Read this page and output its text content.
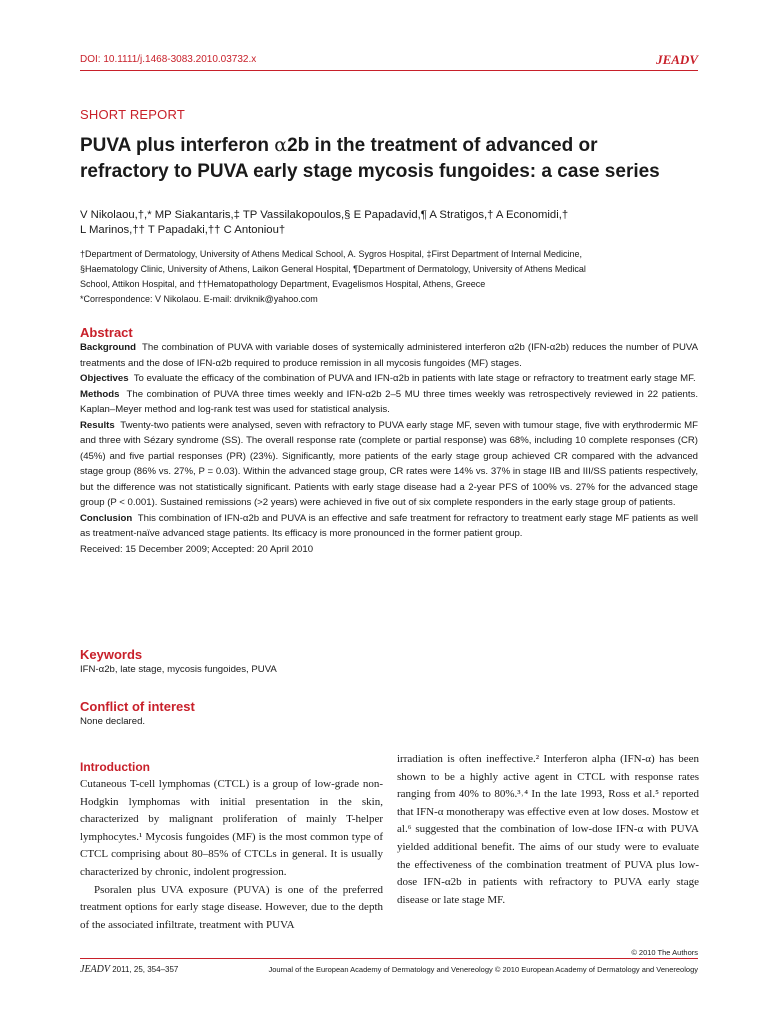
DOI: 10.1111/j.1468-3083.2010.03732.x	JEADV
SHORT REPORT
PUVA plus interferon α2b in the treatment of advanced or refractory to PUVA early stage mycosis fungoides: a case series
V Nikolaou,†,* MP Siakantaris,‡ TP Vassilakopoulos,§ E Papadavid,¶ A Stratigos,† A Economidi,†
L Marinos,†† T Papadaki,†† C Antoniou†
†Department of Dermatology, University of Athens Medical School, A. Sygros Hospital, ‡First Department of Internal Medicine,
§Haematology Clinic, University of Athens, Laikon General Hospital, ¶Department of Dermatology, University of Athens Medical
School, Attikon Hospital, and ††Hematopathology Department, Evagelismos Hospital, Athens, Greece
*Correspondence: V Nikolaou. E-mail: drviknik@yahoo.com
Abstract

Background The combination of PUVA with variable doses of systemically administered interferon α2b (IFN-α2b) reduces the number of PUVA treatments and the dose of IFN-α2b required to produce remission in all mycosis fungoides (MF) stages.

Objectives To evaluate the efficacy of the combination of PUVA and IFN-α2b in patients with late stage or refractory to treatment early stage MF.

Methods The combination of PUVA three times weekly and IFN-α2b 2–5 MU three times weekly was retrospectively reviewed in 22 patients. Kaplan–Meyer method and log-rank test was used for statistical analysis.

Results Twenty-two patients were analysed, seven with refractory to PUVA early stage MF, seven with tumour stage, five with erythrodermic MF and three with Sézary syndrome (SS). The overall response rate (complete or partial response) was 68%, including 10 complete responses (CR) (45%) and five partial responses (PR) (23%). Significantly, more patients of the early stage group achieved CR compared with the advanced stage group (86% vs. 27%, P = 0.03). Within the advanced stage group, CR rates were 14% vs. 37% in stage IIB and III/SS patients respectively, but the difference was not statistically significant. Patients with early stage disease had a 2-year PFS of 100% vs. 27% for the advanced stage group (P < 0.001). Sustained remissions (>2 years) were achieved in five out of six complete responders in the early stage group of patients.

Conclusion This combination of IFN-α2b and PUVA is an effective and safe treatment for refractory to treatment early stage MF patients as well as treatment-naïve advanced stage patients. Its efficacy is more pronounced in the former patient group.

Received: 15 December 2009; Accepted: 20 April 2010

Keywords
IFN-α2b, late stage, mycosis fungoides, PUVA
Conflict of interest
None declared.
Introduction

Cutaneous T-cell lymphomas (CTCL) is a group of low-grade non-Hodgkin lymphomas with initial presentation in the skin, characterized by malignant proliferation of mainly T-helper lymphocytes.¹ Mycosis fungoides (MF) is the most common type of CTCL comprising about 80–85% of CTCLs in general. It is usually characterized by chronic, indolent progression.

Psoralen plus UVA exposure (PUVA) is one of the preferred treatment options for early stage disease. However, due to the depth of the associated infiltrate, treatment with PUVA

irradiation is often ineffective.² Interferon alpha (IFN-α) has been shown to be a highly active agent in CTCL with response rates ranging from 40% to 80%.³˒⁴ In the late 1993, Ross et al.⁵ reported that IFN-α monotherapy was effective even at low doses. Mostow et al.⁶ suggested that the combination of low-dose IFN-α with PUVA yielded additional benefit. The aims of our study were to evaluate the effectiveness of the combination treatment of PUVA plus low-dose IFN-α2b in patients with refractory to PUVA early stage disease or late stage MF.

© 2010 The Authors
JEADV 2011, 25, 354–357	Journal of the European Academy of Dermatology and Venereology © 2010 European Academy of Dermatology and Venereology
